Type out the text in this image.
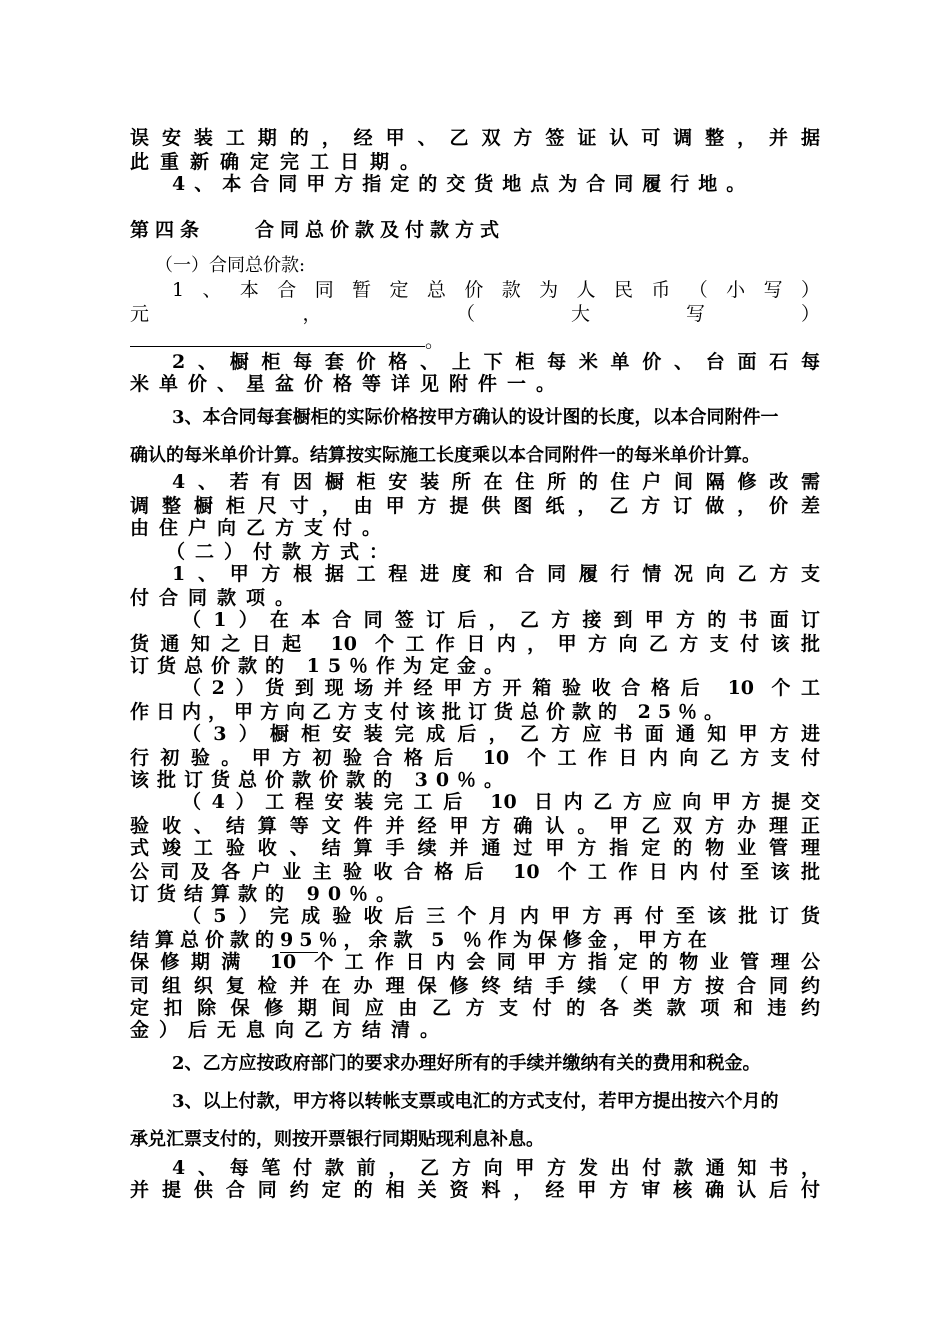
误安装工期的，经甲、乙双方签证认可调整，并据
此重新确定完工日期。
4、本合同甲方指定的交货地点为合同履行地。
第四条　　合同总价款及付款方式
（一）合同总价款:
1、本合同暂定总价款为人民币（小写）
元　　　　　，　　　　　（　　　大　　　写　　　）
。
2、橱柜每套价格、上下柜每米单价、台面石每
米单价、星盆价格等详见附件一。
3、本合同每套橱柜的实际价格按甲方确认的设计图的长度，以本合同附件一
确认的每米单价计算。结算按实际施工长度乘以本合同附件一的每米单价计算。
4、若有因橱柜安装所在住所的住户间隔修改需
调整橱柜尺寸，由甲方提供图纸，乙方订做，价差
由住户向乙方支付。
（二）付款方式：
1、甲方根据工程进度和合同履行情况向乙方支
付合同款项。
（1）在本合同签订后，乙方接到甲方的书面订
货通知之日起 10 个工作日内，甲方向乙方支付该批
订货总价款的 15％作为定金。
（2）货到现场并经甲方开箱验收合格后 10 个工
作日内，甲方向乙方支付该批订货总价款的 25％。
（3）橱柜安装完成后，乙方应书面通知甲方进
行初验。甲方初验合格后 10 个工作日内向乙方支付
该批订货总价款价款的 30％。
（4）工程安装完工后 10 日内乙方应向甲方提交
验收、结算等文件并经甲方确认。甲乙双方办理正
式竣工验收、结算手续并通过甲方指定的物业管理
公司及各户业主验收合格后 10 个工作日内付至该批
订货结算款的 90％。
（5）完成验收后三个月内甲方再付至该批订货
结算总价款的95％，余款 5 ％作为保修金，甲方在
保修期满 10 个工作日内会同甲方指定的物业管理公
司组织复检并在办理保修终结手续（甲方按合同约
定扣除保修期间应由乙方支付的各类款项和违约
金）后无息向乙方结清。
2、乙方应按政府部门的要求办理好所有的手续并缴纳有关的费用和税金。
3、以上付款，甲方将以转帐支票或电汇的方式支付，若甲方提出按六个月的
承兑汇票支付的，则按开票银行同期贴现利息补息。
4、每笔付款前，乙方向甲方发出付款通知书，
并提供合同约定的相关资料，经甲方审核确认后付
